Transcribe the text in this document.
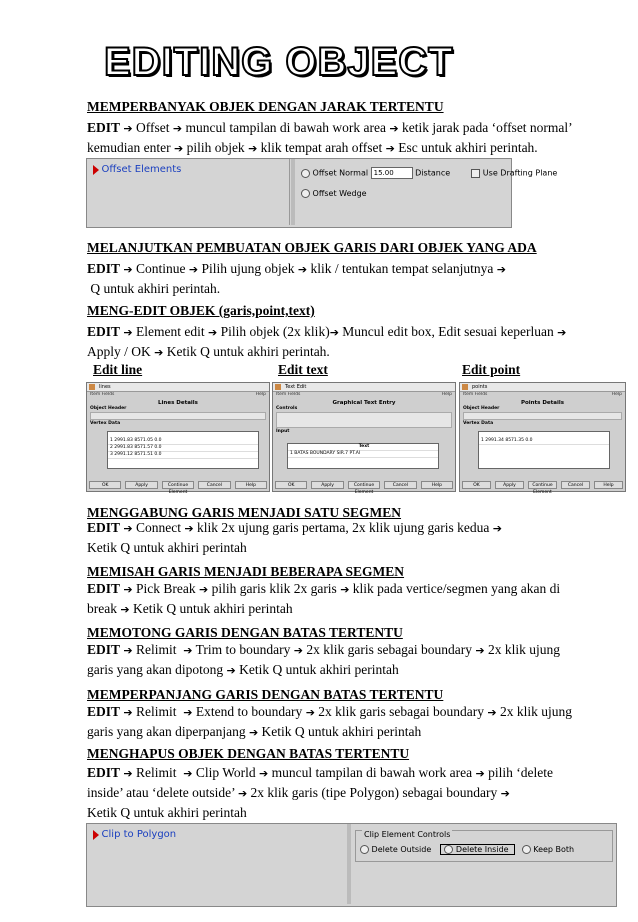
EDITING OBJECT
MEMPERBANYAK OBJEK DENGAN JARAK TERTENTU
EDIT ➔ Offset ➔ muncul tampilan di bawah work area ➔ ketik jarak pada ‘offset normal’
kemudian enter ➔ pilih objek ➔ klik tempat arah offset ➔ Esc untuk akhiri perintah.
Offset Elements	Offset Normal 15.00	Distance	Use Drafting Plane
Offset Wedge
MELANJUTKAN PEMBUATAN OBJEK GARIS DARI OBJEK YANG ADA
EDIT ➔ Continue ➔ Pilih ujung objek ➔ klik / tentukan tempat selanjutnya ➔
Q untuk akhiri perintah.
MENG-EDIT OBJEK (garis,point,text)
EDIT ➔ Element edit ➔ Pilih objek (2x klik)➔ Muncul edit box, Edit sesuai keperluan ➔
Apply / OK ➔ Ketik Q untuk akhiri perintah.
Edit line	Edit text	Edit point
lines
Item Fields	Help
Lines Details
Object Header
Vertex Data
1 2991.83 8571.05 0.0
2 2991.83 8571.57 0.0
3 2991.12 8571.51 0.0
OK	Apply	Continue Element
Cancel	Help
Text Edit
Item Fields	Help
Graphical Text Entry
Controls
Input
Text
1 BATAS BOUNDARY SIR.7 PT.AI
OK	Apply	Continue Element
Cancel	Help
points
Item Fields	Help
Points Details
Object Header
Vertex Data
1 2991.34 8571.35 0.0
OK	Apply	Continue Element
Cancel	Help
MENGGABUNG GARIS MENJADI SATU SEGMEN
EDIT ➔ Connect ➔ klik 2x ujung garis pertama, 2x klik ujung garis kedua ➔
Ketik Q untuk akhiri perintah
MEMISAH GARIS MENJADI BEBERAPA SEGMEN
EDIT ➔ Pick Break ➔ pilih garis klik 2x garis ➔ klik pada vertice/segmen yang akan di
break ➔ Ketik Q untuk akhiri perintah
MEMOTONG GARIS DENGAN BATAS TERTENTU
EDIT ➔ Relimit ➔ Trim to boundary ➔ 2x klik garis sebagai boundary ➔ 2x klik ujung
garis yang akan dipotong ➔ Ketik Q untuk akhiri perintah
MEMPERPANJANG GARIS DENGAN BATAS TERTENTU
EDIT ➔ Relimit ➔ Extend to boundary ➔ 2x klik garis sebagai boundary ➔ 2x klik ujung
garis yang akan diperpanjang ➔ Ketik Q untuk akhiri perintah
MENGHAPUS OBJEK DENGAN BATAS TERTENTU
EDIT ➔ Relimit ➔ Clip World ➔ muncul tampilan di bawah work area ➔ pilih ‘delete
inside’ atau ‘delete outside’ ➔ 2x klik garis (tipe Polygon) sebagai boundary ➔
Ketik Q untuk akhiri perintah
Clip to Polygon	Clip Element Controls
Delete Outside	Delete Inside	Keep Both
